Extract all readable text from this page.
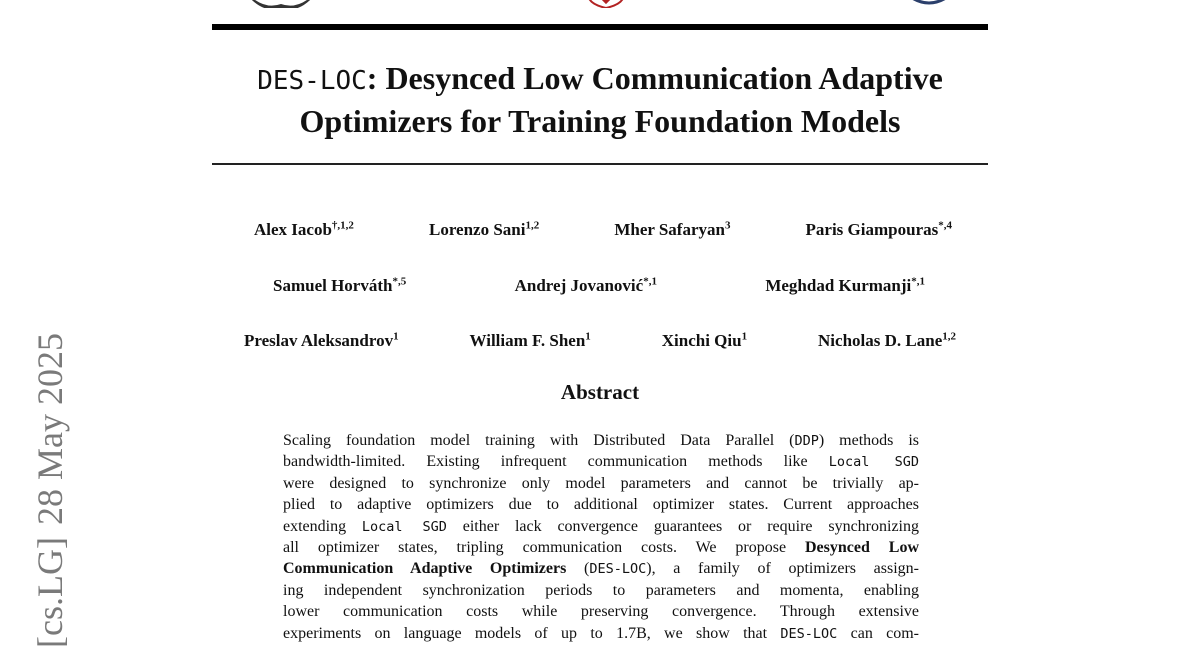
[cs.LG]
28 May 2025
DES-LOC: Desynced Low Communication Adaptive Optimizers for Training Foundation Models
Alex Iacob$^{\dagger,1,2}$	Lorenzo Sani$^{1,2}$	Mher Safaryan$^3$	Paris Giampouras$^{*,4}$
Samuel Horváth$^{*,5}$	Andrej Jovanović$^{*,1}$	Meghdad Kurmanji$^{*,1}$
Preslav Aleksandrov$^1$	William F. Shen$^1$	Xinchi Qiu$^1$	Nicholas D. Lane$^{1,2}$
Abstract
Scaling foundation model training with Distributed Data Parallel (DDP) methods is
bandwidth-limited. Existing infrequent communication methods like Local SGD
were designed to synchronize only model parameters and cannot be trivially ap-
plied to adaptive optimizers due to additional optimizer states. Current approaches
extending Local SGD either lack convergence guarantees or require synchronizing
all optimizer states, tripling communication costs. We propose Desynced Low
Communication Adaptive Optimizers (DES-LOC), a family of optimizers assign-
ing independent synchronization periods to parameters and momenta, enabling
lower communication costs while preserving convergence. Through extensive
experiments on language models of up to 1.7B, we show that DES-LOC can com-
